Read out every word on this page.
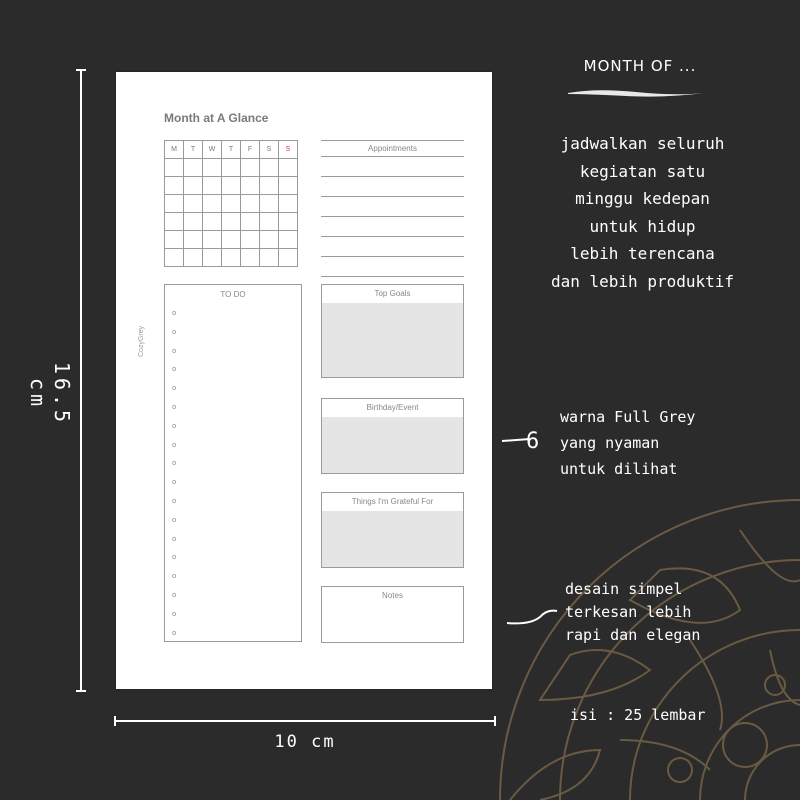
16.5 cm
10 cm
Month at A Glance
CozyGrey
M	T	W	T	F	S	S

							Appointments
TO DO
o
o
o
o
o
o
o
o
o
o
o
o
o
o
o
o
o
o
Top Goals
Birthday/Event
Things I'm Grateful For
Notes
MONTH OF ...
jadwalkan seluruh
kegiatan satu
minggu kedepan
untuk hidup
lebih terencana
dan lebih produktif
6
warna Full Grey
yang nyaman
untuk dilihat
desain simpel
terkesan lebih
rapi dan elegan
isi : 25 lembar
